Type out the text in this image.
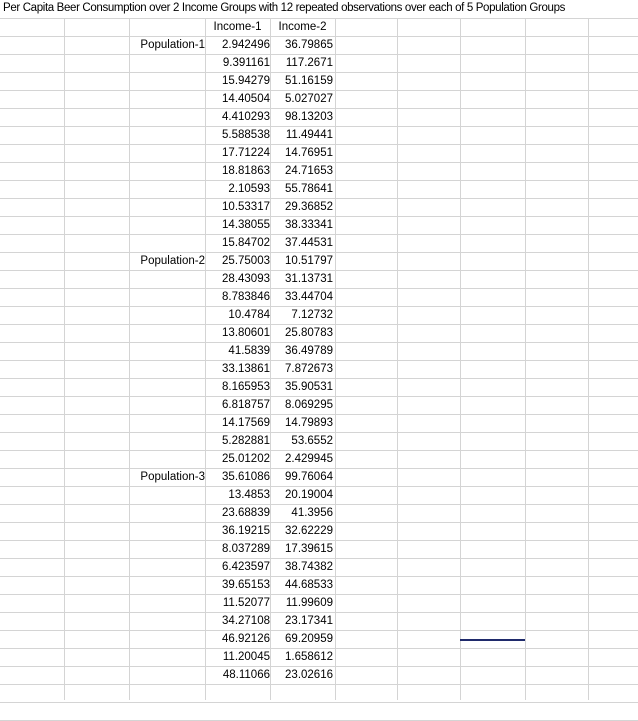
Per Capita Beer Consumption over 2 Income Groups with 12 repeated observations over each of 5 Population Groups
Income-1	Income-2
Population-1 2.942496 36.79865
9.391161 117.2671
15.94279 51.16159
14.40504 5.027027
4.410293 98.13203
5.588538 11.49441
17.71224 14.76951
18.81863 24.71653
2.10593 55.78641
10.53317 29.36852
14.38055 38.33341
15.84702 37.44531
Population-2 25.75003 10.51797
28.43093 31.13731
8.783846 33.44704
10.4784 7.12732
13.80601 25.80783
41.5839 36.49789
33.13861 7.872673
8.165953 35.90531
6.818757 8.069295
14.17569 14.79893
5.282881 53.6552
25.01202 2.429945
Population-3 35.61086 99.76064
13.4853 20.19004
23.68839 41.3956
36.19215 32.62229
8.037289 17.39615
6.423597 38.74382
39.65153 44.68533
11.52077 11.99609
34.27108 23.17341
46.92126 69.20959
11.20045 1.658612
48.11066 23.02616
